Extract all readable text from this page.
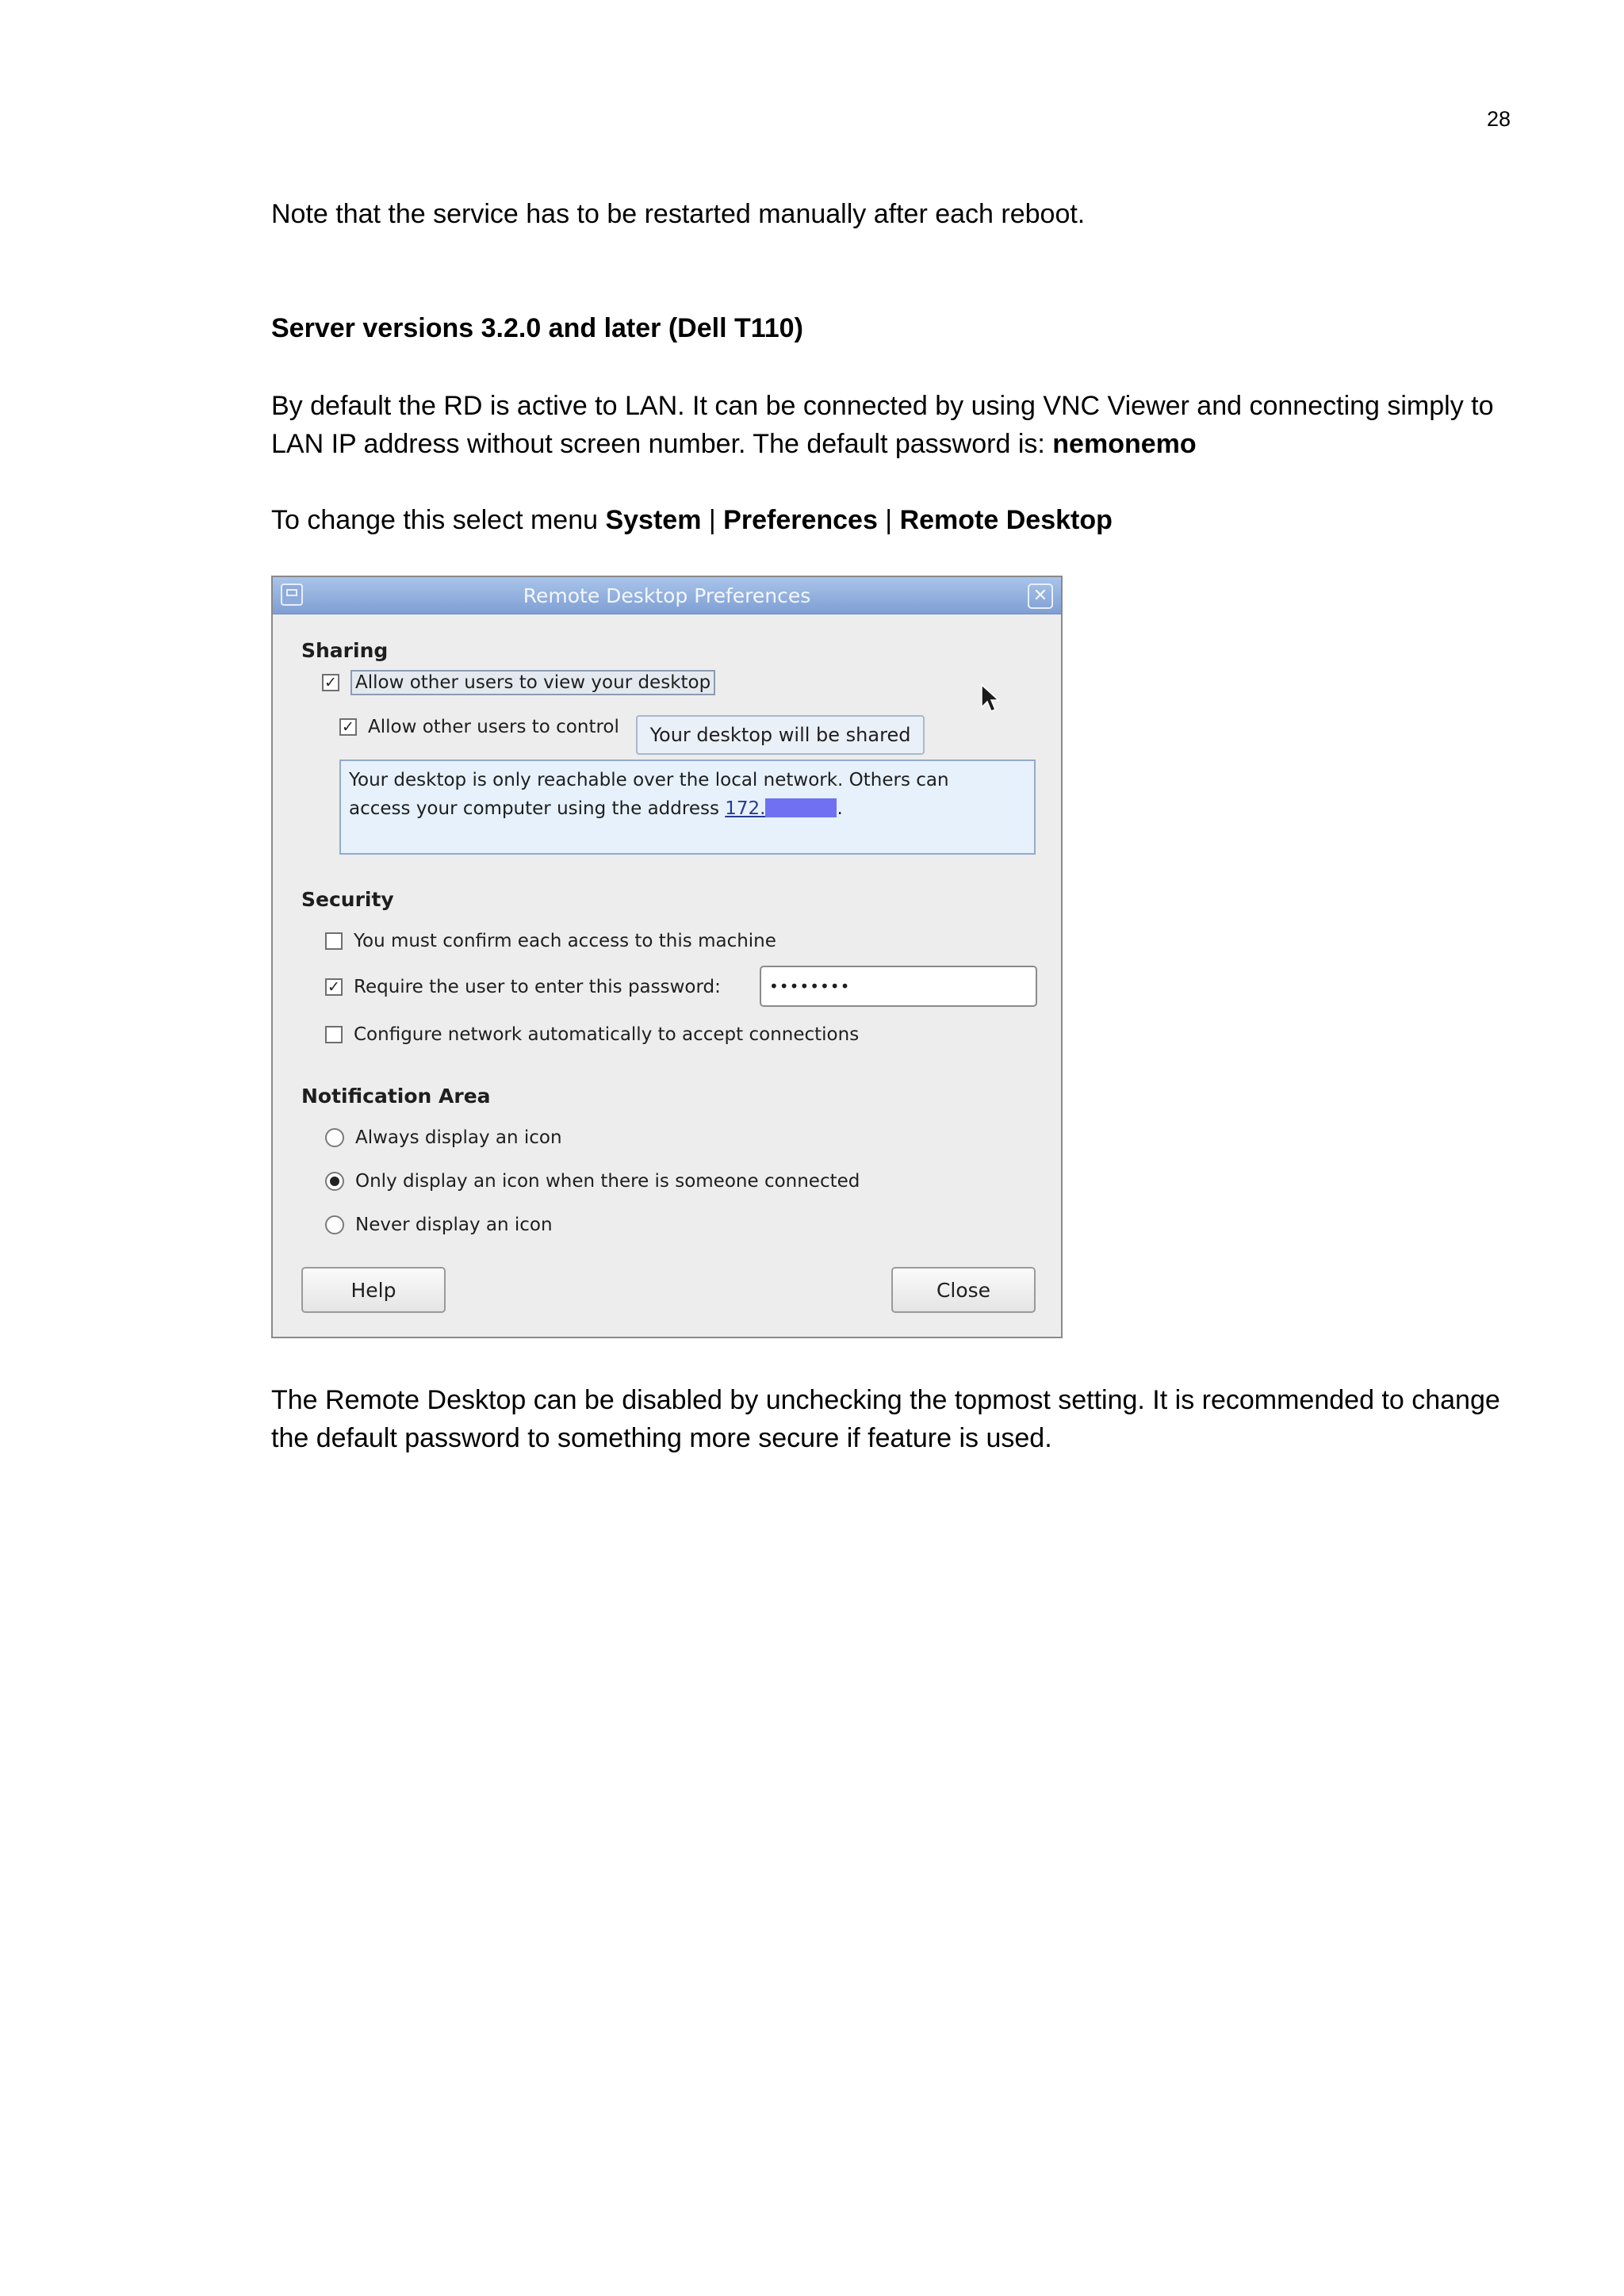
28

Note that the service has to be restarted manually after each reboot.

Server versions 3.2.0 and later (Dell T110)

By default the RD is active to LAN. It can be connected by using VNC Viewer and connecting simply to LAN IP address without screen number. The default password is: nemonemo

To change this select menu System | Preferences | Remote Desktop

Remote Desktop Preferences	✕
Sharing
✓ Allow other users to view your desktop
✓ Allow other users to control	Your desktop will be shared
Your desktop is only reachable over the local network. Others can
access your computer using the address 172.	.
Security
You must confirm each access to this machine
✓ Require the user to enter this password:	••••••••
Configure network automatically to accept connections
Notification Area
Always display an icon
Only display an icon when there is someone connected
Never display an icon
Help	Close

The Remote Desktop can be disabled by unchecking the topmost setting. It is recommended to change the default password to something more secure if feature is used.
